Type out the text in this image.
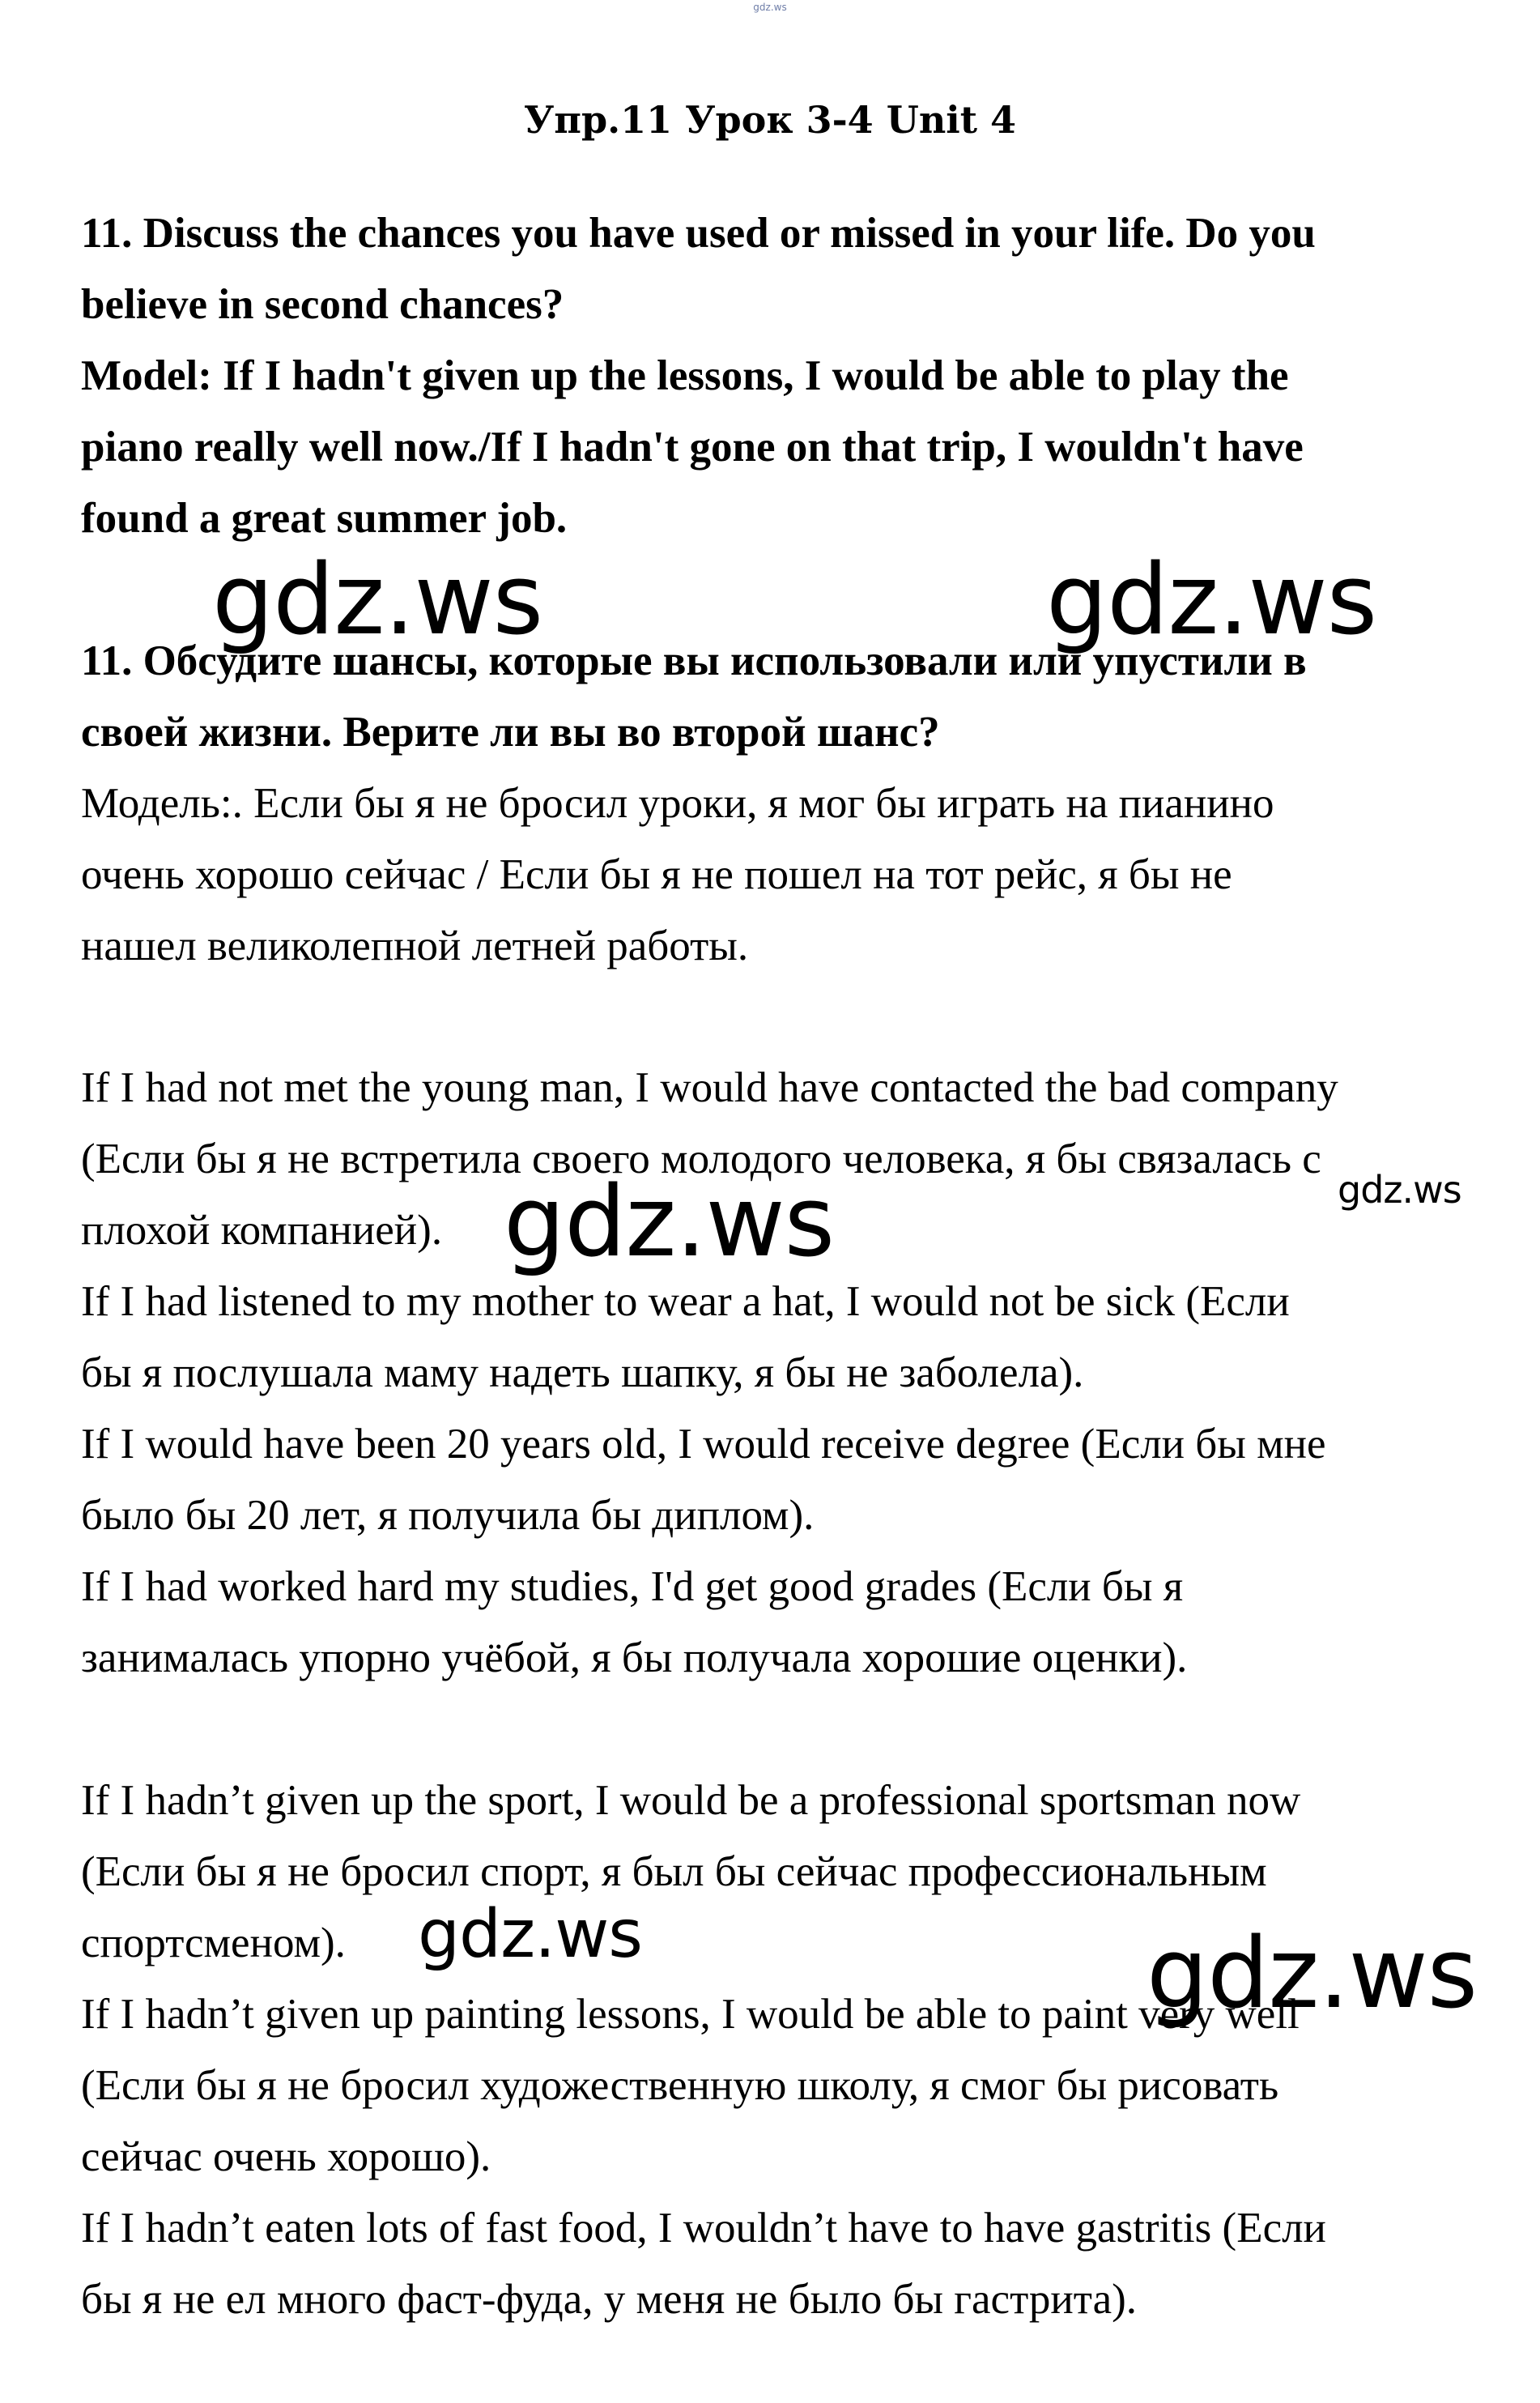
gdz.ws
Упр.11 Урок 3-4 Unit 4
11. Discuss the chances you have used or missed in your life. Do you
believe in second chances?
Model: If I hadn't given up the lessons, I would be able to play the
piano really well now./If I hadn't gone on that trip, I wouldn't have
found a great summer job.
11. Обсудите шансы, которые вы использовали или упустили в
своей жизни. Верите ли вы во второй шанс?
Модель:. Если бы я не бросил уроки, я мог бы играть на пианино
очень хорошо сейчас / Если бы я не пошел на тот рейс, я бы не
нашел великолепной летней работы.
If I had not met the young man, I would have contacted the bad company
(Если бы я не встретила своего молодого человека, я бы связалась с
плохой компанией).
If I had listened to my mother to wear a hat, I would not be sick (Если
бы я послушала маму надеть шапку, я бы не заболела).
If I would have been 20 years old, I would receive degree (Если бы мне
было бы 20 лет, я получила бы диплом).
If I had worked hard my studies, I'd get good grades (Если бы я
занималась упорно учёбой, я бы получала хорошие оценки).
If I hadn’t given up the sport, I would be a professional sportsman now
(Если бы я не бросил спорт, я был бы сейчас профессиональным
спортсменом).
If I hadn’t given up painting lessons, I would be able to paint very well
(Если бы я не бросил художественную школу, я смог бы рисовать
сейчас очень хорошо).
If I hadn’t eaten lots of fast food, I wouldn’t have to have gastritis (Если
бы я не ел много фаст-фуда, у меня не было бы гастрита).
gdz.ws	gdz.ws
gdz.ws	gdz.ws
gdz.ws	gdz.ws
